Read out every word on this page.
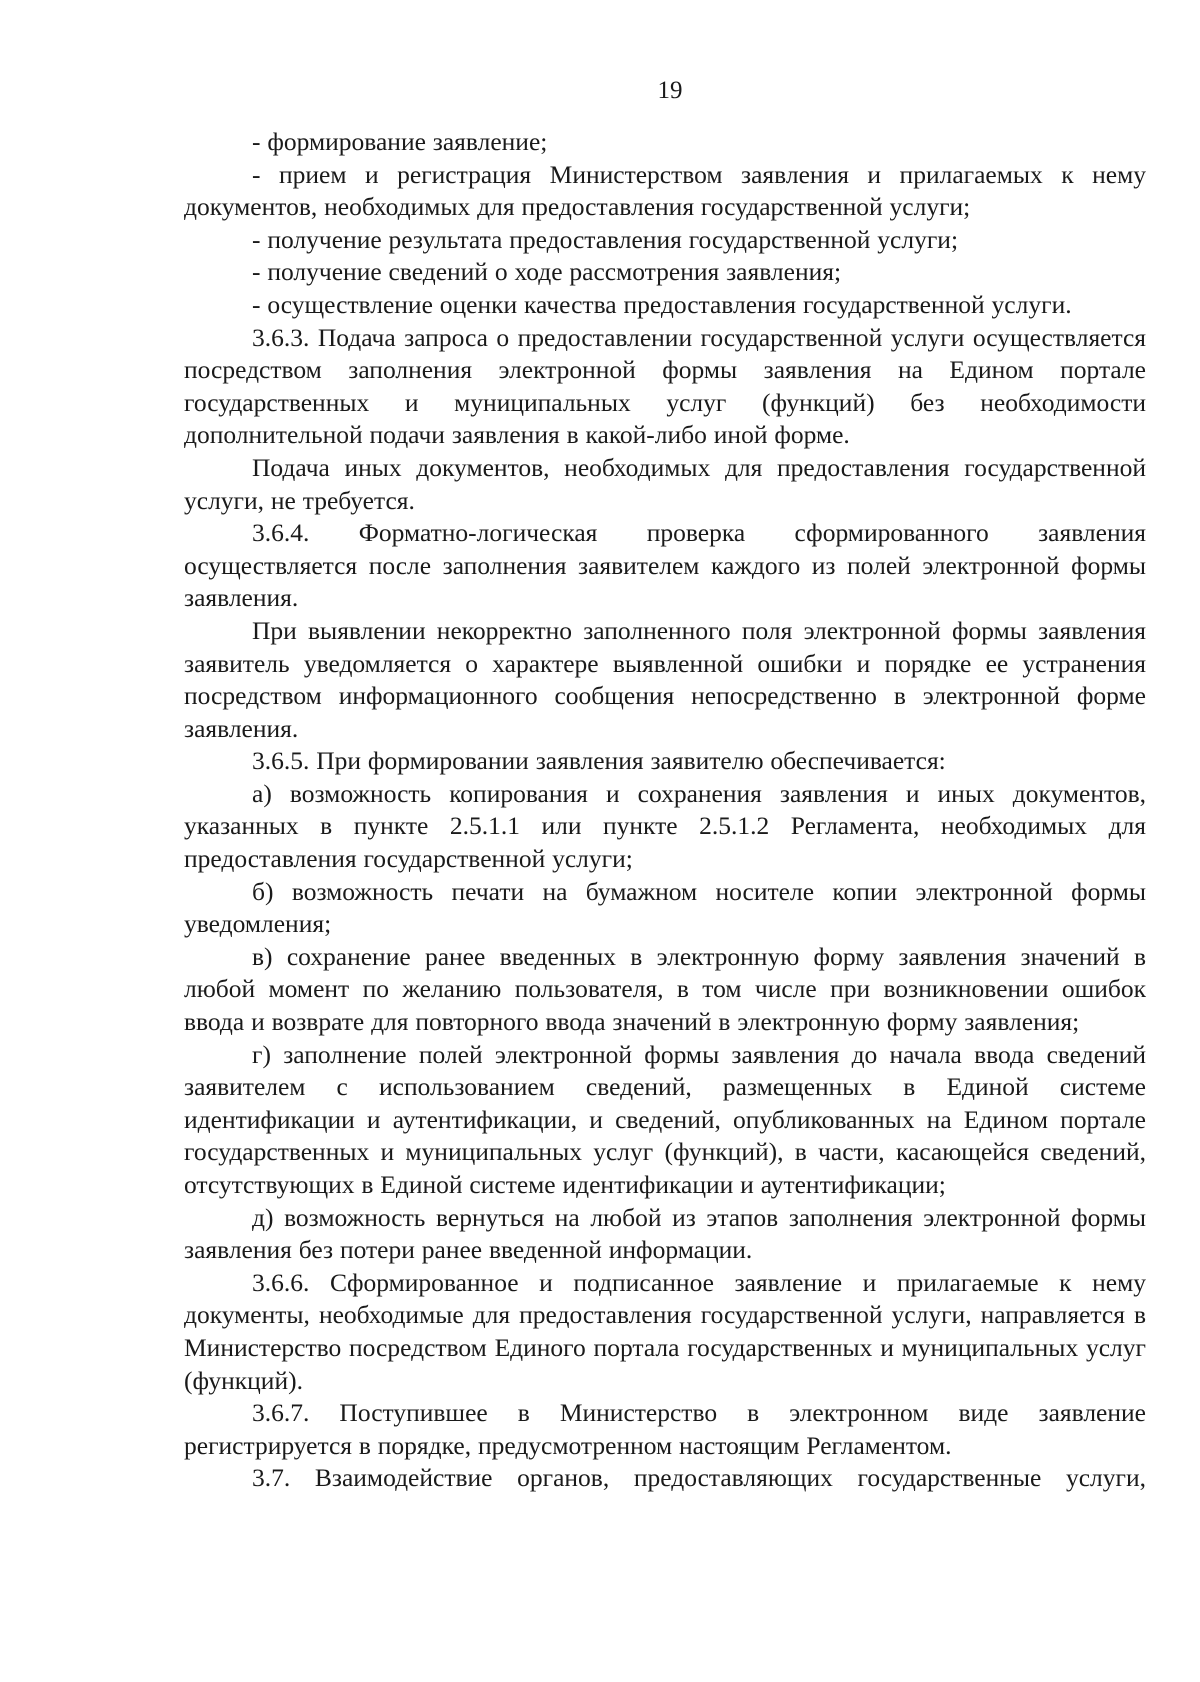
19

- формирование заявление;

- прием и регистрация Министерством заявления и прилагаемых к нему документов, необходимых для предоставления государственной услуги;

- получение результата предоставления государственной услуги;

- получение сведений о ходе рассмотрения заявления;

- осуществление оценки качества предоставления государственной услуги.

3.6.3. Подача запроса о предоставлении государственной услуги осуществляется посредством заполнения электронной формы заявления на Едином портале государственных и муниципальных услуг (функций) без необходимости дополнительной подачи заявления в какой-либо иной форме.

Подача иных документов, необходимых для предоставления государственной услуги, не требуется.

3.6.4. Форматно-логическая проверка сформированного заявления осуществляется после заполнения заявителем каждого из полей электронной формы заявления.

При выявлении некорректно заполненного поля электронной формы заявления заявитель уведомляется о характере выявленной ошибки и порядке ее устранения посредством информационного сообщения непосредственно в электронной форме заявления.

3.6.5. При формировании заявления заявителю обеспечивается:

а) возможность копирования и сохранения заявления и иных документов, указанных в пункте 2.5.1.1 или пункте 2.5.1.2 Регламента, необходимых для предоставления государственной услуги;

б) возможность печати на бумажном носителе копии электронной формы уведомления;

в) сохранение ранее введенных в электронную форму заявления значений в любой момент по желанию пользователя, в том числе при возникновении ошибок ввода и возврате для повторного ввода значений в электронную форму заявления;

г) заполнение полей электронной формы заявления до начала ввода сведений заявителем с использованием сведений, размещенных в Единой системе идентификации и аутентификации, и сведений, опубликованных на Едином портале государственных и муниципальных услуг (функций), в части, касающейся сведений, отсутствующих в Единой системе идентификации и аутентификации;

д) возможность вернуться на любой из этапов заполнения электронной формы заявления без потери ранее введенной информации.

3.6.6. Сформированное и подписанное заявление и прилагаемые к нему документы, необходимые для предоставления государственной услуги, направляется в Министерство посредством Единого портала государственных и муниципальных услуг (функций).

3.6.7. Поступившее в Министерство в электронном виде заявление регистрируется в порядке, предусмотренном настоящим Регламентом.

3.7. Взаимодействие органов, предоставляющих государственные услуги,
